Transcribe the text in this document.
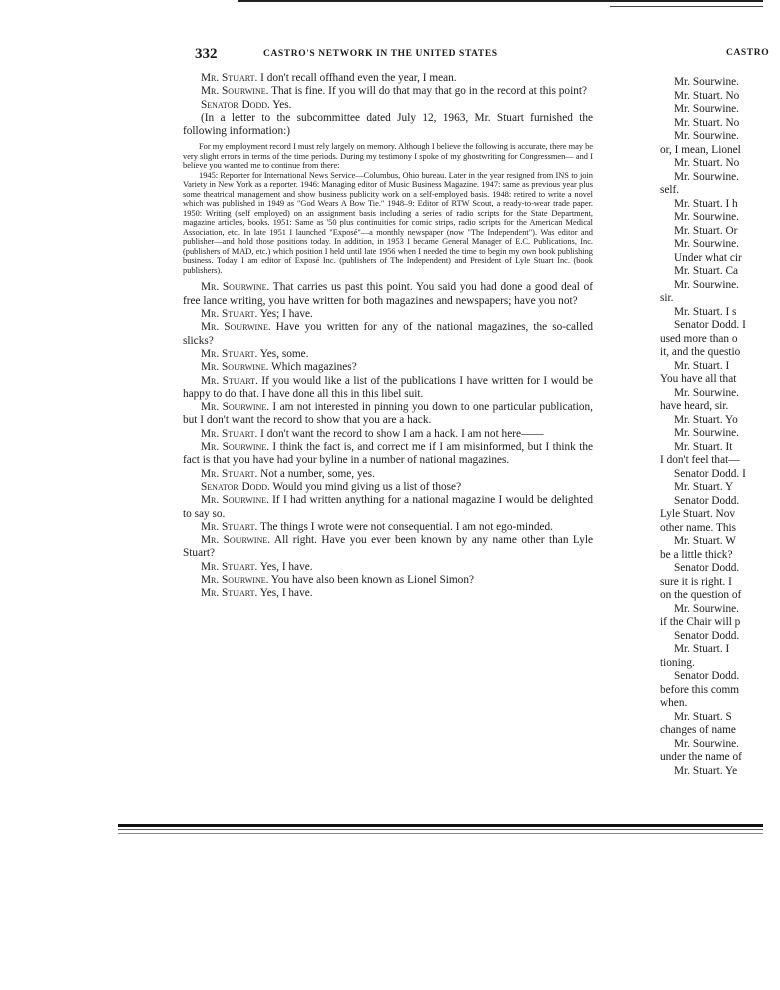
332	CASTRO'S NETWORK IN THE UNITED STATES	CASTRO

Mr. Stuart. I don't recall offhand even the year, I mean.

Mr. Sourwine. That is fine. If you will do that may that go in the record at this point?

Senator Dodd. Yes.

(In a letter to the subcommittee dated July 12, 1963, Mr. Stuart furnished the following information:)

For my employment record I must rely largely on memory. Although I believe the following is accurate, there may be very slight errors in terms of the time periods. During my testimony I spoke of my ghostwriting for Congressmen— and I believe you wanted me to continue from there:

1945: Reporter for International News Service—Columbus, Ohio bureau. Later in the year resigned from INS to join Variety in New York as a reporter. 1946: Managing editor of Music Business Magazine. 1947: same as previous year plus some theatrical management and show business publicity work on a self-employed basis. 1948: retired to write a novel which was published in 1949 as "God Wears A Bow Tie." 1948–9: Editor of RTW Scout, a ready-to-wear trade paper. 1950: Writing (self employed) on an assignment basis including a series of radio scripts for the State Department, magazine articles, books. 1951: Same as '50 plus continuities for comic strips, radio scripts for the American Medical Association, etc. In late 1951 I launched "Exposé"—a monthly newspaper (now "The Independent"). Was editor and publisher—and hold those positions today. In addition, in 1953 I became General Manager of E.C. Publications, Inc. (publishers of MAD, etc.) which position I held until late 1956 when I needed the time to begin my own book publishing business. Today I am editor of Exposé Inc. (publishers of The Independent) and President of Lyle Stuart Inc. (book publishers).

Mr. Sourwine. That carries us past this point. You said you had done a good deal of free lance writing, you have written for both magazines and newspapers; have you not?

Mr. Stuart. Yes; I have.

Mr. Sourwine. Have you written for any of the national magazines, the so-called slicks?

Mr. Stuart. Yes, some.

Mr. Sourwine. Which magazines?

Mr. Stuart. If you would like a list of the publications I have written for I would be happy to do that. I have done all this in this libel suit.

Mr. Sourwine. I am not interested in pinning you down to one particular publication, but I don't want the record to show that you are a hack.

Mr. Stuart. I don't want the record to show I am a hack. I am not here——

Mr. Sourwine. I think the fact is, and correct me if I am misinformed, but I think the fact is that you have had your byline in a number of national magazines.

Mr. Stuart. Not a number, some, yes.

Senator Dodd. Would you mind giving us a list of those?

Mr. Sourwine. If I had written anything for a national magazine I would be delighted to say so.

Mr. Stuart. The things I wrote were not consequential. I am not ego-minded.

Mr. Sourwine. All right. Have you ever been known by any name other than Lyle Stuart?

Mr. Stuart. Yes, I have.

Mr. Sourwine. You have also been known as Lionel Simon?

Mr. Stuart. Yes, I have.

Mr. Sourwine.
Mr. Stuart. No
Mr. Sourwine.
Mr. Stuart. No
Mr. Sourwine.
or, I mean, Lionel
Mr. Stuart. No
Mr. Sourwine.
self.
Mr. Stuart. I h
Mr. Sourwine.
Mr. Stuart. Or
Mr. Sourwine.
Under what cir
Mr. Stuart. Ca
Mr. Sourwine.
sir.
Mr. Stuart. I s
Senator Dodd. I
used more than o
it, and the questio
Mr. Stuart. I
You have all that
Mr. Sourwine.
have heard, sir.
Mr. Stuart. Yo
Mr. Sourwine.
Mr. Stuart. It
I don't feel that—
Senator Dodd. I
Mr. Stuart. Y
Senator Dodd.
Lyle Stuart. Nov
other name. This
Mr. Stuart. W
be a little thick?
Senator Dodd.
sure it is right. I
on the question of
Mr. Sourwine.
if the Chair will p
Senator Dodd.
Mr. Stuart. I
tioning.
Senator Dodd.
before this comm
when.
Mr. Stuart. S
changes of name
Mr. Sourwine.
under the name of
Mr. Stuart. Ye
